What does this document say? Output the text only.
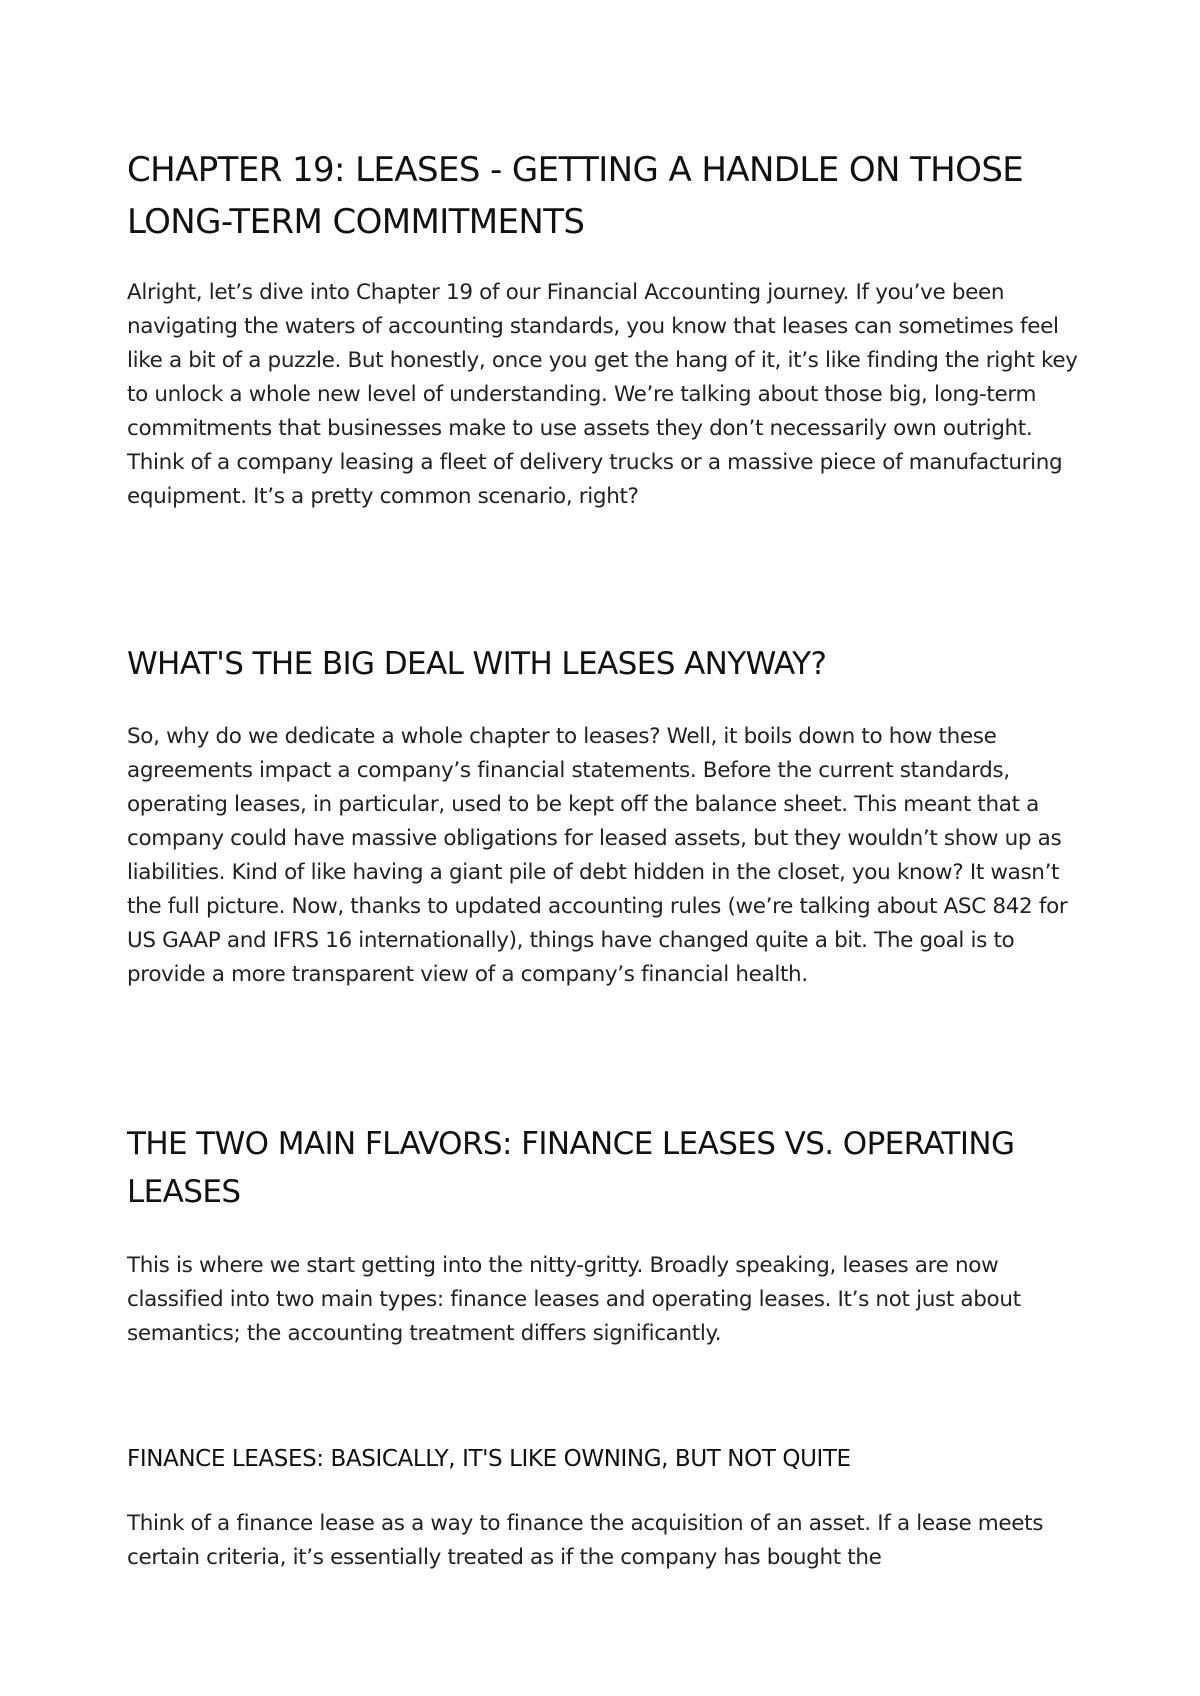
CHAPTER 19: LEASES - GETTING A HANDLE ON THOSE LONG-TERM COMMITMENTS

Alright, let’s dive into Chapter 19 of our Financial Accounting journey. If you’ve been navigating the waters of accounting standards, you know that leases can sometimes feel like a bit of a puzzle. But honestly, once you get the hang of it, it’s like finding the right key to unlock a whole new level of understanding. We’re talking about those big, long-term commitments that businesses make to use assets they don’t necessarily own outright. Think of a company leasing a fleet of delivery trucks or a massive piece of manufacturing equipment. It’s a pretty common scenario, right?

WHAT'S THE BIG DEAL WITH LEASES ANYWAY?

So, why do we dedicate a whole chapter to leases? Well, it boils down to how these agreements impact a company’s financial statements. Before the current standards, operating leases, in particular, used to be kept off the balance sheet. This meant that a company could have massive obligations for leased assets, but they wouldn’t show up as liabilities. Kind of like having a giant pile of debt hidden in the closet, you know? It wasn’t the full picture. Now, thanks to updated accounting rules (we’re talking about ASC 842 for US GAAP and IFRS 16 internationally), things have changed quite a bit. The goal is to provide a more transparent view of a company’s financial health.

THE TWO MAIN FLAVORS: FINANCE LEASES VS. OPERATING LEASES

This is where we start getting into the nitty-gritty. Broadly speaking, leases are now classified into two main types: finance leases and operating leases. It’s not just about semantics; the accounting treatment differs significantly.

FINANCE LEASES: BASICALLY, IT'S LIKE OWNING, BUT NOT QUITE

Think of a finance lease as a way to finance the acquisition of an asset. If a lease meets certain criteria, it’s essentially treated as if the company has bought the
